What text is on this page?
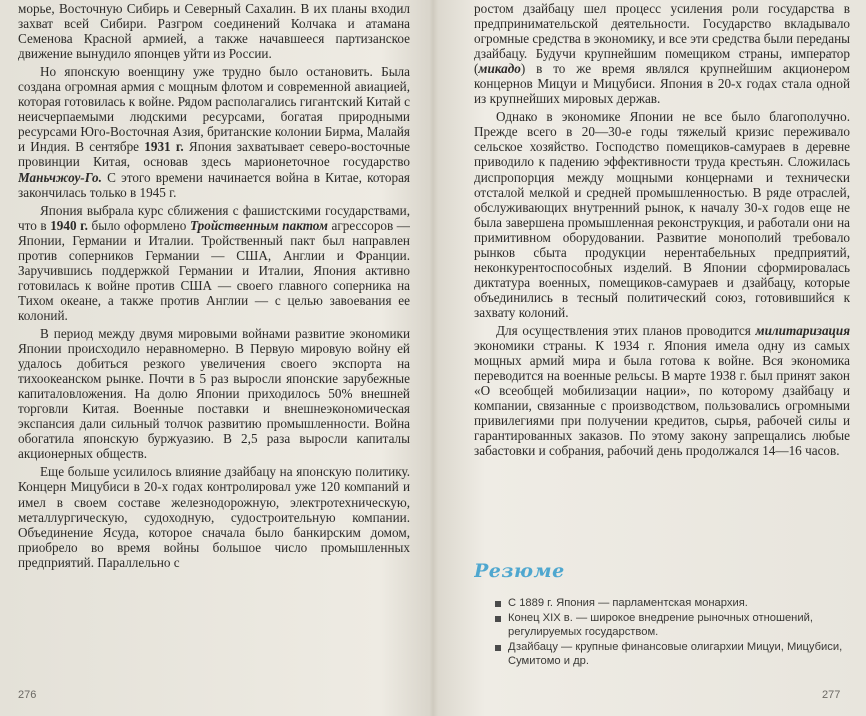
морье, Восточную Сибирь и Северный Сахалин. В их планы входил захват всей Сибири. Разгром соединений Колчака и атамана Семенова Красной армией, а также начавшееся партизанское движение вынудило японцев уйти из России.

Но японскую военщину уже трудно было остановить. Была создана огромная армия с мощным флотом и современной авиацией, которая готовилась к войне. Рядом располагались гигантский Китай с неисчерпаемыми людскими ресурсами, богатая природными ресурсами Юго-Восточная Азия, британские колонии Бирма, Малайя и Индия. В сентябре 1931 г. Япония захватывает северо-восточные провинции Китая, основав здесь марионеточное государство Маньчжоу-Го. С этого времени начинается война в Китае, которая закончилась только в 1945 г.

Япония выбрала курс сближения с фашистскими государствами, что в 1940 г. было оформлено Тройственным пактом агрессоров — Японии, Германии и Италии. Тройственный пакт был направлен против соперников Германии — США, Англии и Франции. Заручившись поддержкой Германии и Италии, Япония активно готовилась к войне против США — своего главного соперника на Тихом океане, а также против Англии — с целью завоевания ее колоний.

В период между двумя мировыми войнами развитие экономики Японии происходило неравномерно. В Первую мировую войну ей удалось добиться резкого увеличения своего экспорта на тихоокеанском рынке. Почти в 5 раз выросли японские зарубежные капиталовложения. На долю Японии приходилось 50% внешней торговли Китая. Военные поставки и внешнеэкономическая экспансия дали сильный толчок развитию промышленности. Война обогатила японскую буржуазию. В 2,5 раза выросли капиталы акционерных обществ.

Еще больше усилилось влияние дзайбацу на японскую политику. Концерн Мицубиси в 20-х годах контролировал уже 120 компаний и имел в своем составе железнодорожную, электротехническую, металлургическую, судоходную, судостроительную компании. Объединение Ясуда, которое сначала было банкирским домом, приобрело во время войны большое число промышленных предприятий. Параллельно с

ростом дзайбацу шел процесс усиления роли государства в предпринимательской деятельности. Государство вкладывало огромные средства в экономику, и все эти средства были переданы дзайбацу. Будучи крупнейшим помещиком страны, император (микадо) в то же время являлся крупнейшим акционером концернов Мицуи и Мицубиси. Япония в 20-х годах стала одной из крупнейших мировых держав.

Однако в экономике Японии не все было благополучно. Прежде всего в 20—30-е годы тяжелый кризис переживало сельское хозяйство. Господство помещиков-самураев в деревне приводило к падению эффективности труда крестьян. Сложилась диспропорция между мощными концернами и технически отсталой мелкой и средней промышленностью. В ряде отраслей, обслуживающих внутренний рынок, к началу 30-х годов еще не была завершена промышленная реконструкция, и работали они на примитивном оборудовании. Развитие монополий требовало рынков сбыта продукции нерентабельных предприятий, неконкурентоспособных изделий. В Японии сформировалась диктатура военных, помещиков-самураев и дзайбацу, которые объединились в тесный политический союз, готовившийся к захвату колоний.

Для осуществления этих планов проводится милитаризация экономики страны. К 1934 г. Япония имела одну из самых мощных армий мира и была готова к войне. Вся экономика переводится на военные рельсы. В марте 1938 г. был принят закон «О всеобщей мобилизации нации», по которому дзайбацу и компании, связанные с производством, пользовались огромными привилегиями при получении кредитов, сырья, рабочей силы и гарантированных заказов. По этому закону запрещались любые забастовки и собрания, рабочий день продолжался 14—16 часов.

Резюме
С 1889 г. Япония — парламентская монархия.
Конец XIX в. — широкое внедрение рыночных отношений, регулируемых государством.
Дзайбацу — крупные финансовые олигархии Мицуи, Мицубиси, Сумитомо и др.
276	277
